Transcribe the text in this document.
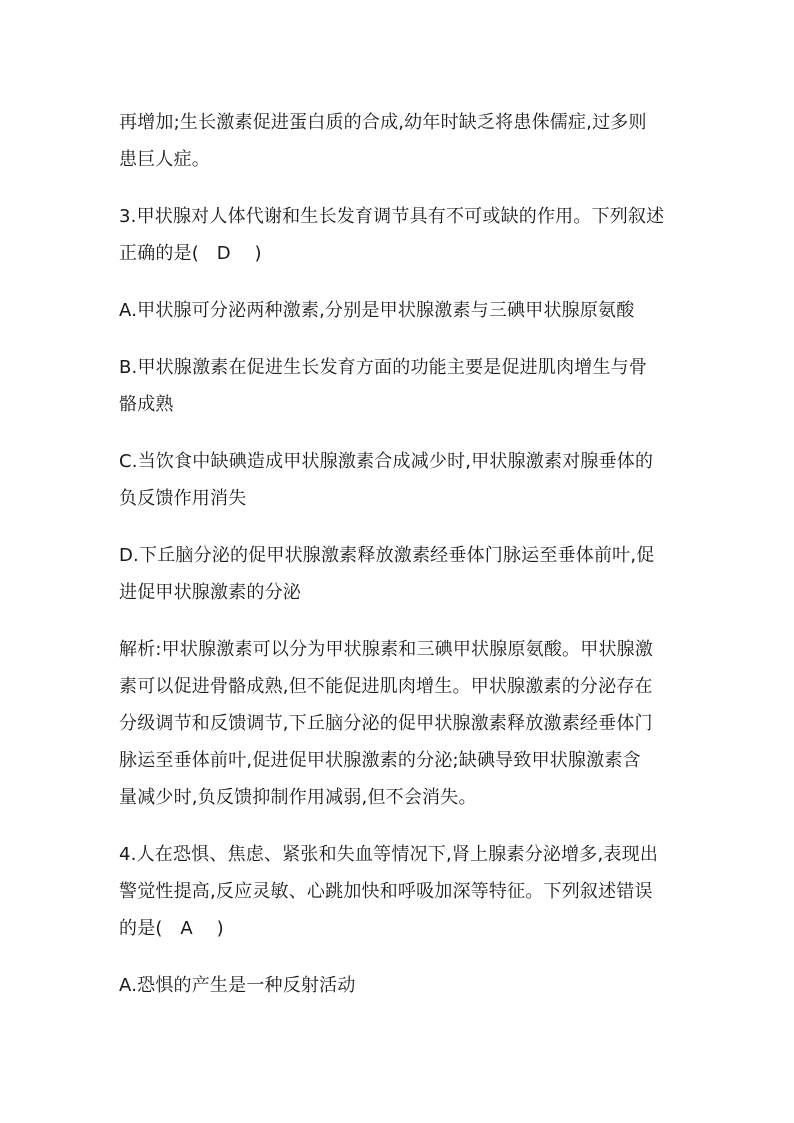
再增加;生长激素促进蛋白质的合成,幼年时缺乏将患侏儒症,过多则

患巨人症。

3.甲状腺对人体代谢和生长发育调节具有不可或缺的作用。下列叙述

正确的是( D )

A.甲状腺可分泌两种激素,分别是甲状腺激素与三碘甲状腺原氨酸

B.甲状腺激素在促进生长发育方面的功能主要是促进肌肉增生与骨

骼成熟

C.当饮食中缺碘造成甲状腺激素合成减少时,甲状腺激素对腺垂体的

负反馈作用消失

D.下丘脑分泌的促甲状腺激素释放激素经垂体门脉运至垂体前叶,促

进促甲状腺激素的分泌

解析:甲状腺激素可以分为甲状腺素和三碘甲状腺原氨酸。甲状腺激

素可以促进骨骼成熟,但不能促进肌肉增生。甲状腺激素的分泌存在

分级调节和反馈调节,下丘脑分泌的促甲状腺激素释放激素经垂体门

脉运至垂体前叶,促进促甲状腺激素的分泌;缺碘导致甲状腺激素含

量减少时,负反馈抑制作用减弱,但不会消失。

4.人在恐惧、焦虑、紧张和失血等情况下,肾上腺素分泌增多,表现出

警觉性提高,反应灵敏、心跳加快和呼吸加深等特征。下列叙述错误

的是( A )

A.恐惧的产生是一种反射活动
